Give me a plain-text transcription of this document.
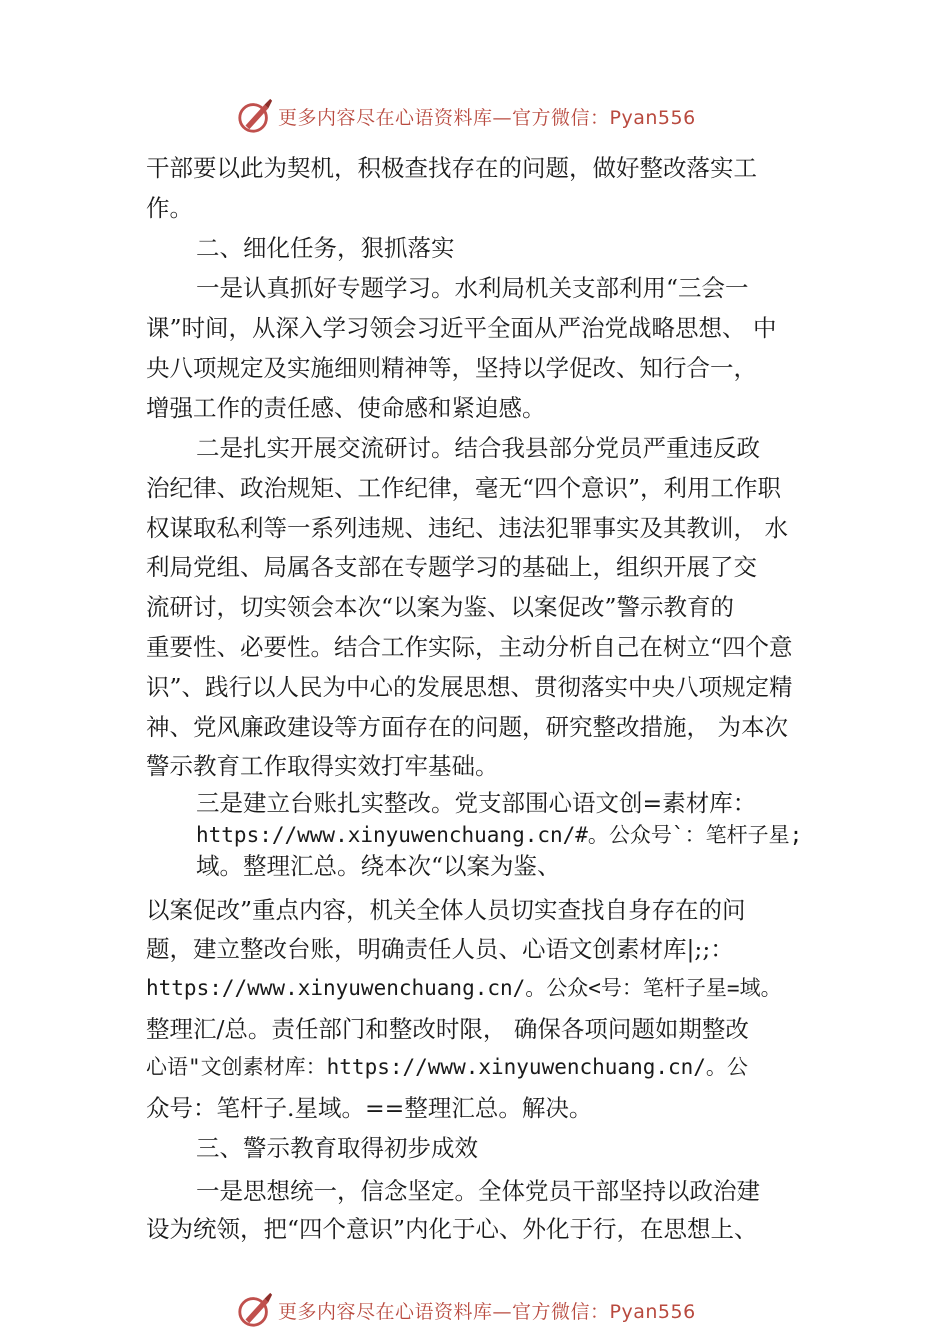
更多内容尽在心语资料库—官方微信：Pyan556
干部要以此为契机，积极查找存在的问题，做好整改落实工
作。
二、细化任务，狠抓落实
一是认真抓好专题学习。水利局机关支部利用“三会一
课”时间，从深入学习领会习近平全面从严治党战略思想、 中
央八项规定及实施细则精神等，坚持以学促改、知行合一，
增强工作的责任感、使命感和紧迫感。
二是扎实开展交流研讨。结合我县部分党员严重违反政
治纪律、政治规矩、工作纪律，毫无“四个意识”，利用工作职
权谋取私利等一系列违规、违纪、违法犯罪事实及其教训， 水
利局党组、局属各支部在专题学习的基础上，组织开展了交
流研讨，切实领会本次“以案为鉴、以案促改”警示教育的
重要性、必要性。结合工作实际，主动分析自己在树立“四个意
识”、践行以人民为中心的发展思想、贯彻落实中央八项规定精
神、党风廉政建设等方面存在的问题，研究整改措施， 为本次
警示教育工作取得实效打牢基础。
三是建立台账扎实整改。党支部围心语文创=素材库：
https://www.xinyuwenchuang.cn/#。公众号`：笔杆子星;
域。整理汇总。绕本次“以案为鉴、
以案促改”重点内容，机关全体人员切实查找自身存在的问
题，建立整改台账，明确责任人员、心语文创素材库|;;：
https://www.xinyuwenchuang.cn/。公众<号：笔杆子星=域。
整理汇/总。责任部门和整改时限， 确保各项问题如期整改
心语"文创素材库：https://www.xinyuwenchuang.cn/。公
众号：笔杆子.星域。==整理汇总。解决。
三、警示教育取得初步成效
一是思想统一，信念坚定。全体党员干部坚持以政治建
设为统领，把“四个意识”内化于心、外化于行，在思想上、
更多内容尽在心语资料库—官方微信：Pyan556
